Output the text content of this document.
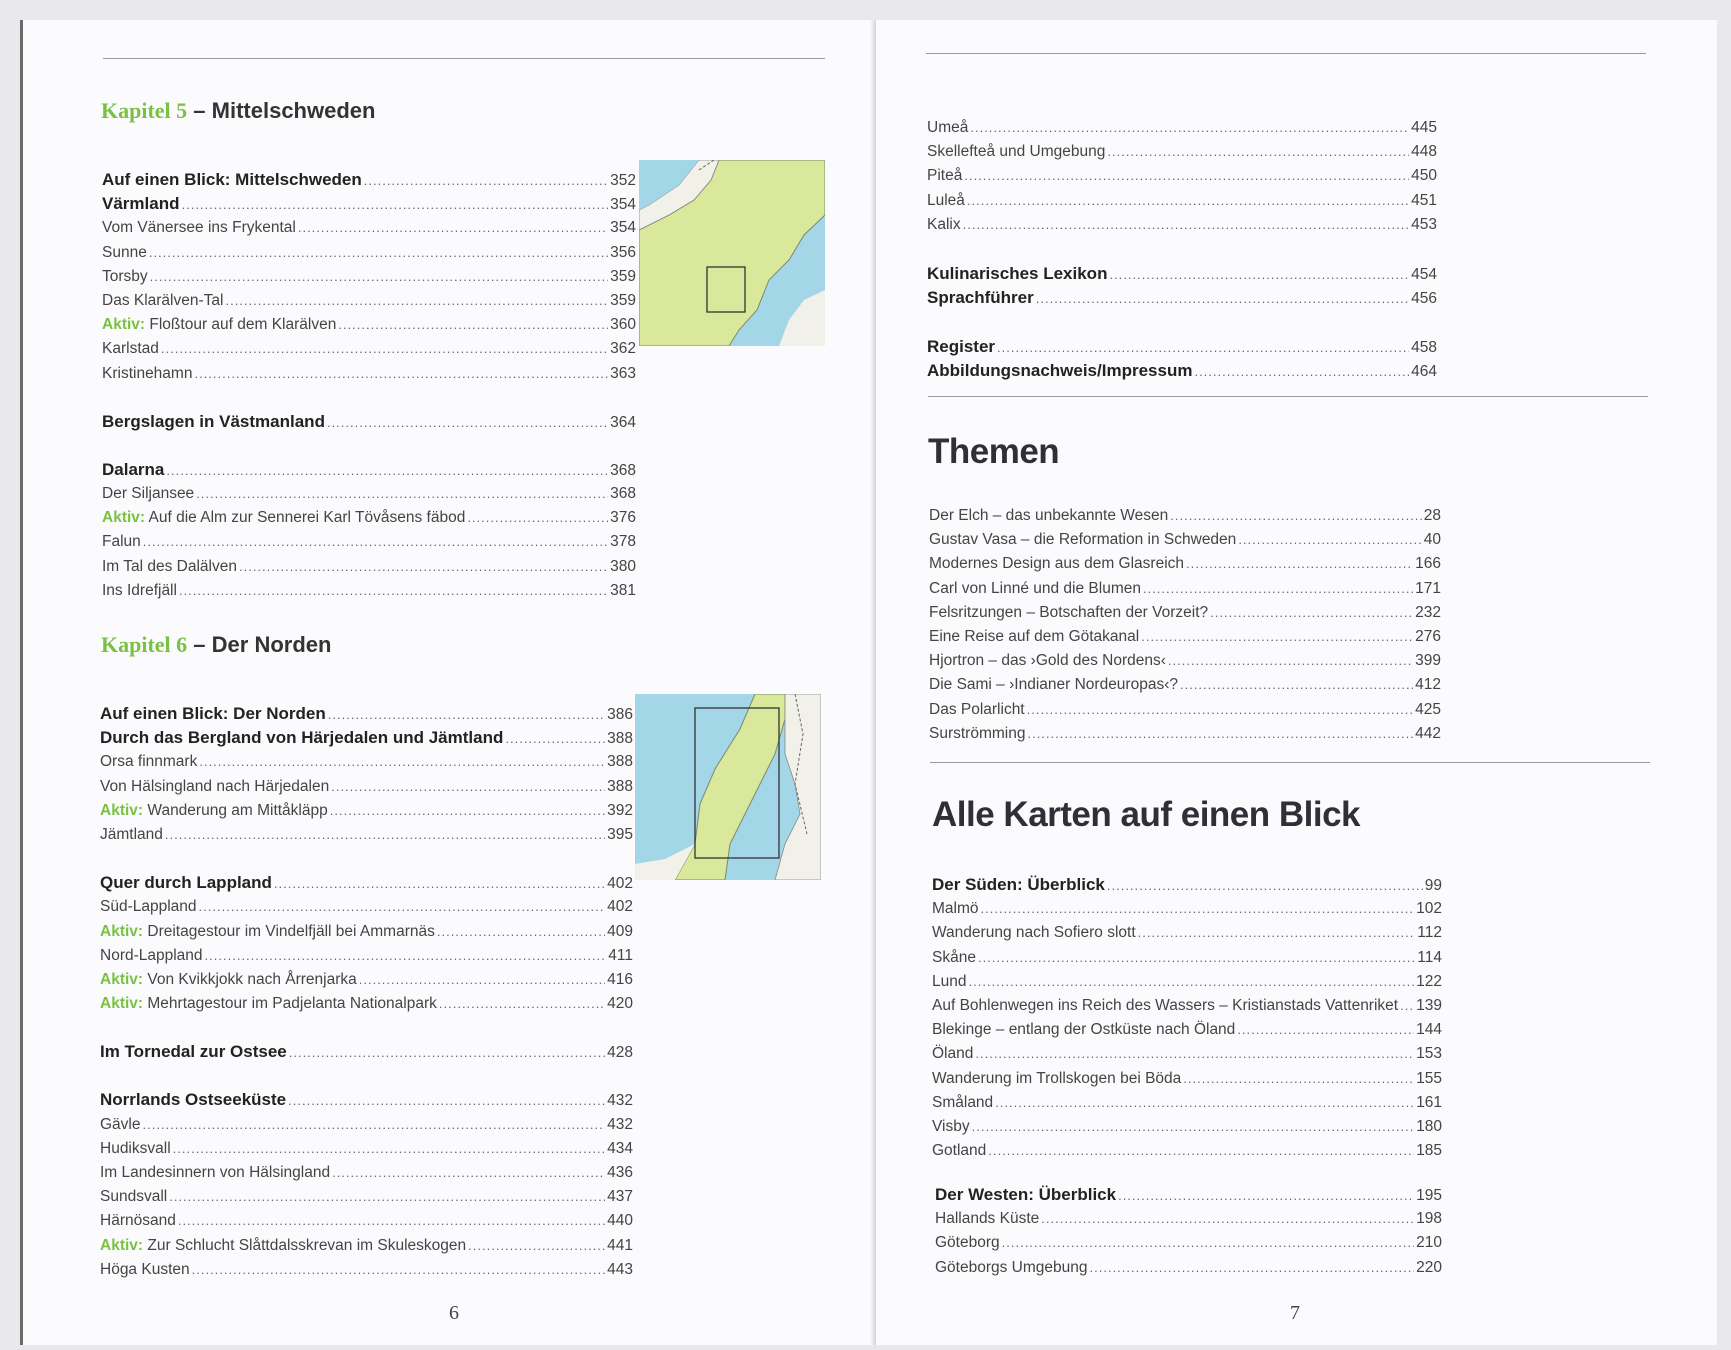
Kapitel 5 – Mittelschweden
Auf einen Blick: Mittelschweden .....	352
Värmland .....	354
Vom Vänersee ins Frykental .....	354
Sunne .....	356
Torsby .....	359
Das Klarälven-Tal .....	359
Aktiv: Floßtour auf dem Klarälven .....	360
Karlstad .....	362
Kristinehamn .....	363
Bergslagen in Västmanland .....	364
Dalarna .....	368
Der Siljansee .....	368
Aktiv: Auf die Alm zur Sennerei Karl Tövåsens fäbod .....	376
Falun .....	378
Im Tal des Dalälven .....	380
Ins Idrefjäll .....	381
Kapitel 6 – Der Norden
Auf einen Blick: Der Norden .....	386
Durch das Bergland von Härjedalen und Jämtland .....	388
Orsa finnmark .....	388
Von Hälsingland nach Härjedalen .....	388
Aktiv: Wanderung am Mittåkläpp .....	392
Jämtland .....	395
Quer durch Lappland .....	402
Süd-Lappland .....	402
Aktiv: Dreitagestour im Vindelfjäll bei Ammarnäs .....	409
Nord-Lappland .....	411
Aktiv: Von Kvikkjokk nach Årrenjarka .....	416
Aktiv: Mehrtagestour im Padjelanta Nationalpark .....	420
Im Tornedal zur Ostsee .....	428
Norrlands Ostseeküste .....	432
Gävle .....	432
Hudiksvall .....	434
Im Landesinnern von Hälsingland .....	436
Sundsvall .....	437
Härnösand .....	440
Aktiv: Zur Schlucht Slåttdalsskrevan im Skuleskogen .....	441
Höga Kusten .....	443
6
Umeå .....	445
Skellefteå und Umgebung .....	448
Piteå .....	450
Luleå .....	451
Kalix .....	453
Kulinarisches Lexikon .....	454
Sprachführer .....	456
Register .....	458
Abbildungsnachweis/Impressum .....	464
Themen
Der Elch – das unbekannte Wesen .....	28
Gustav Vasa – die Reformation in Schweden .....	40
Modernes Design aus dem Glasreich .....	166
Carl von Linné und die Blumen .....	171
Felsritzungen – Botschaften der Vorzeit? .....	232
Eine Reise auf dem Götakanal .....	276
Hjortron – das ›Gold des Nordens‹ .....	399
Die Sami – ›Indianer Nordeuropas‹? .....	412
Das Polarlicht .....	425
Surströmming .....	442
Alle Karten auf einen Blick
Der Süden: Überblick .....	99
Malmö .....	102
Wanderung nach Sofiero slott .....	112
Skåne .....	114
Lund .....	122
Auf Bohlenwegen ins Reich des Wassers – Kristianstads Vattenriket ..... 139
Blekinge – entlang der Ostküste nach Öland .....	144
Öland .....	153
Wanderung im Trollskogen bei Böda .....	155
Småland .....	161
Visby .....	180
Gotland .....	185
Der Westen: Überblick .....	195
Hallands Küste .....	198
Göteborg .....	210
Göteborgs Umgebung .....	220
7
